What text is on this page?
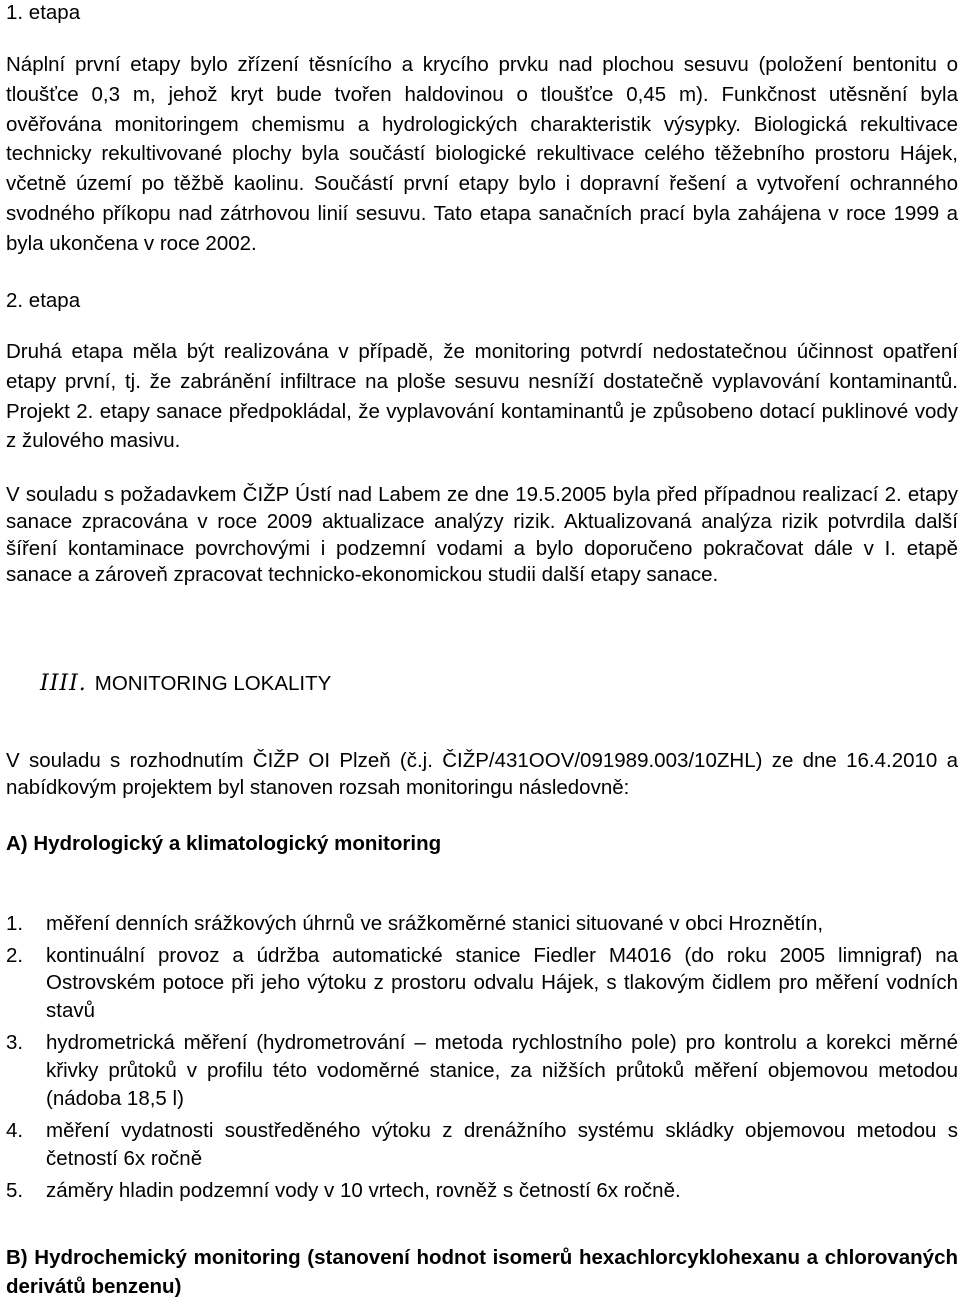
1. etapa

Náplní první etapy bylo zřízení těsnícího a krycího prvku nad plochou sesuvu (položení bentonitu o tloušťce 0,3 m, jehož kryt bude tvořen haldovinou o tloušťce 0,45 m). Funkčnost utěsnění byla ověřována monitoringem chemismu a hydrologických charakteristik výsypky. Biologická rekultivace technicky rekultivované plochy byla součástí biologické rekultivace celého těžebního prostoru Hájek, včetně území po těžbě kaolinu. Součástí první etapy bylo i dopravní řešení a vytvoření ochranného svodného příkopu nad zátrhovou linií sesuvu. Tato etapa sanačních prací byla zahájena v roce 1999 a byla ukončena v roce 2002.

2. etapa

Druhá etapa měla být realizována v případě, že monitoring potvrdí nedostatečnou účinnost opatření etapy první, tj. že zabránění infiltrace na ploše sesuvu nesníží dostatečně vyplavování kontaminantů. Projekt 2. etapy sanace předpokládal, že vyplavování kontaminantů je způsobeno dotací puklinové vody z žulového masivu.

V souladu s požadavkem ČIŽP Ústí nad Labem ze dne 19.5.2005 byla před případnou realizací 2. etapy sanace zpracována v roce 2009 aktualizace analýzy rizik. Aktualizovaná analýza rizik potvrdila další šíření kontaminace povrchovými i podzemní vodami a bylo doporučeno pokračovat dále v I. etapě sanace a zároveň zpracovat technicko-ekonomickou studii další etapy sanace.

IIII. MONITORING LOKALITY

V souladu s rozhodnutím ČIŽP OI Plzeň (č.j. ČIŽP/431OOV/091989.003/10ZHL) ze dne 16.4.2010 a nabídkovým projektem byl stanoven rozsah monitoringu následovně:

A) Hydrologický a klimatologický monitoring

1.	měření denních srážkových úhrnů ve srážkoměrné stanici situované v obci Hroznětín,
2.	kontinuální provoz a údržba automatické stanice Fiedler M4016 (do roku 2005 limnigraf) na Ostrovském potoce při jeho výtoku z prostoru odvalu Hájek, s tlakovým čidlem pro měření vodních stavů
3.	hydrometrická měření (hydrometrování – metoda rychlostního pole) pro kontrolu a korekci měrné křivky průtoků v profilu této vodoměrné stanice, za nižších průtoků měření objemovou metodou (nádoba 18,5 l)
4.	měření vydatnosti soustředěného výtoku z drenážního systému skládky objemovou metodou s četností 6x ročně
5.	záměry hladin podzemní vody v 10 vrtech, rovněž s četností 6x ročně.

B) Hydrochemický monitoring (stanovení hodnot isomerů hexachlorcyklohexanu a chlorovaných derivátů benzenu)
